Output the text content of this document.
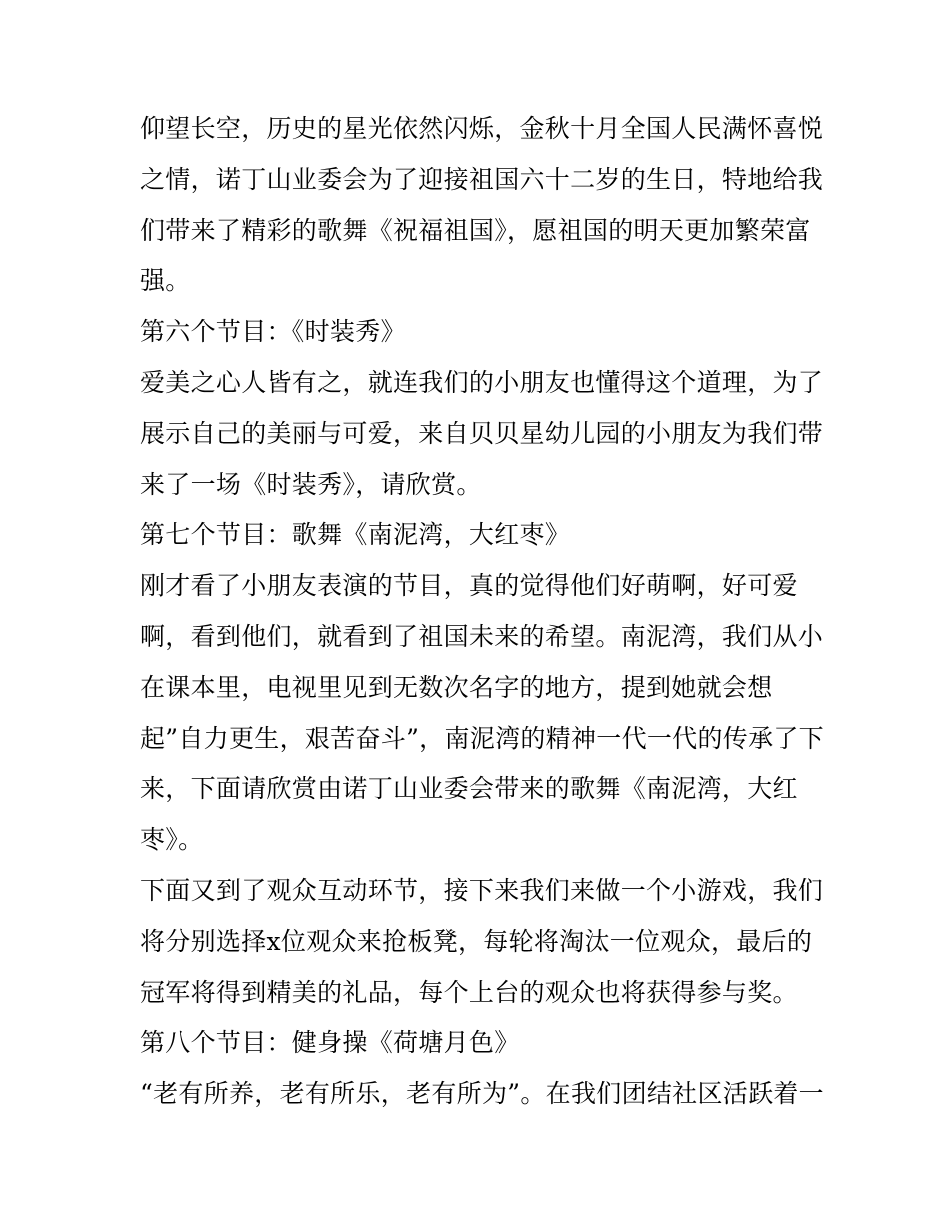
仰望长空，历史的星光依然闪烁，金秋十月全国人民满怀喜悦
之情，诺丁山业委会为了迎接祖国六十二岁的生日，特地给我
们带来了精彩的歌舞《祝福祖国》，愿祖国的明天更加繁荣富
强。
第六个节目：《时装秀》
爱美之心人皆有之，就连我们的小朋友也懂得这个道理，为了
展示自己的美丽与可爱，来自贝贝星幼儿园的小朋友为我们带
来了一场《时装秀》，请欣赏。
第七个节目：歌舞《南泥湾，大红枣》
刚才看了小朋友表演的节目，真的觉得他们好萌啊，好可爱
啊，看到他们，就看到了祖国未来的希望。南泥湾，我们从小
在课本里，电视里见到无数次名字的地方，提到她就会想
起”自力更生，艰苦奋斗”，南泥湾的精神一代一代的传承了下
来，下面请欣赏由诺丁山业委会带来的歌舞《南泥湾，大红
枣》。
下面又到了观众互动环节，接下来我们来做一个小游戏，我们
将分别选择x位观众来抢板凳，每轮将淘汰一位观众，最后的
冠军将得到精美的礼品，每个上台的观众也将获得参与奖。
第八个节目：健身操《荷塘月色》
“老有所养，老有所乐，老有所为”。在我们团结社区活跃着一
